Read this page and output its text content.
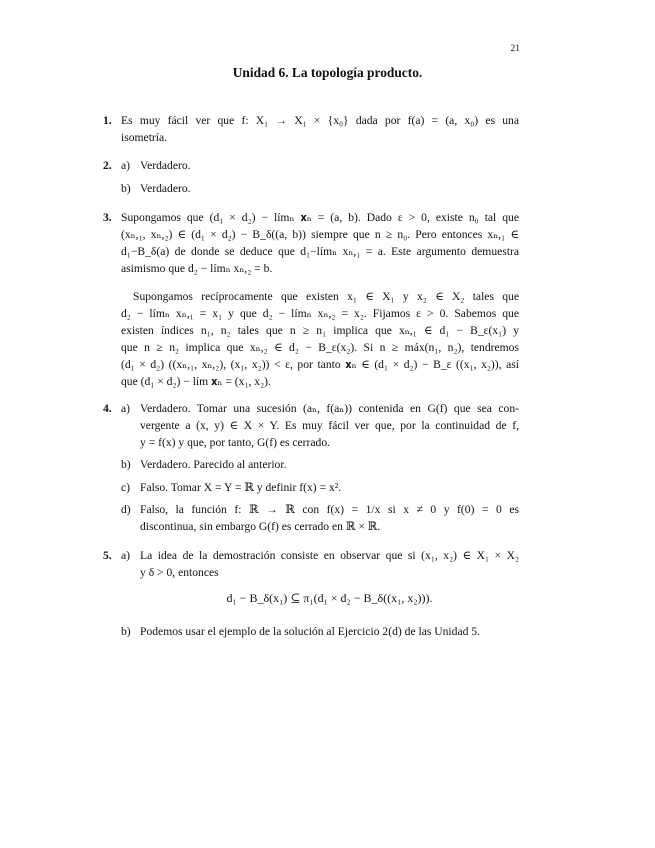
21
Unidad 6. La topología producto.
1. Es muy fácil ver que f: X₁ → X₁ × {x₀} dada por f(a) = (a, x₀) es una
isometría.
2. a) Verdadero.
b) Verdadero.
3. Supongamos que (d₁ × d₂) − límₙ 𝐱ₙ = (a, b). Dado ε > 0, existe n₀ tal que
(xₙ,₁, xₙ,₂) ∈ (d₁ × d₂) − B_δ((a, b)) siempre que n ≥ n₀. Pero entonces xₙ,₁ ∈
d₁−B_δ(a) de donde se deduce que d₁−límₙ xₙ,₁ = a. Este argumento demuestra
asimismo que d₂ − límₙ xₙ,₂ = b.
Supongamos recíprocamente que existen x₁ ∈ X₁ y x₂ ∈ X₂ tales que
d₂ − límₙ xₙ,₁ = x₁ y que d₂ − límₙ xₙ,₂ = x₂. Fijamos ε > 0. Sabemos que
existen índices n₁, n₂ tales que n ≥ n₁ implica que xₙ,₁ ∈ d₁ − B_ε(x₁) y
que n ≥ n₂ implica que xₙ,₂ ∈ d₂ − B_ε(x₂). Si n ≥ máx(n₁, n₂), tendremos
(d₁ × d₂) ((xₙ,₁, xₙ,₂), (x₁, x₂)) < ε, por tanto 𝐱ₙ ∈ (d₁ × d₂) − B_ε ((x₁, x₂)), así
que (d₁ × d₂) − lím 𝐱ₙ = (x₁, x₂).
4. a) Verdadero. Tomar una sucesión (aₙ, f(aₙ)) contenida en G(f) que sea con-
vergente a (x, y) ∈ X × Y. Es muy fácil ver que, por la continuidad de f,
y = f(x) y que, por tanto, G(f) es cerrado.
b) Verdadero. Parecido al anterior.
c) Falso. Tomar X = Y = ℝ y definir f(x) = x².
d) Falso, la función f: ℝ → ℝ con f(x) = 1/x si x ≠ 0 y f(0) = 0 es
discontinua, sin embargo G(f) es cerrado en ℝ × ℝ.
5. a) La idea de la demostración consiste en observar que si (x₁, x₂) ∈ X₁ × X₂
y δ > 0, entonces
d₁ − B_δ(x₁) ⊆ π₁(d₁ × d₂ − B_δ((x₁, x₂))).
b) Podemos usar el ejemplo de la solución al Ejercicio 2(d) de las Unidad 5.
